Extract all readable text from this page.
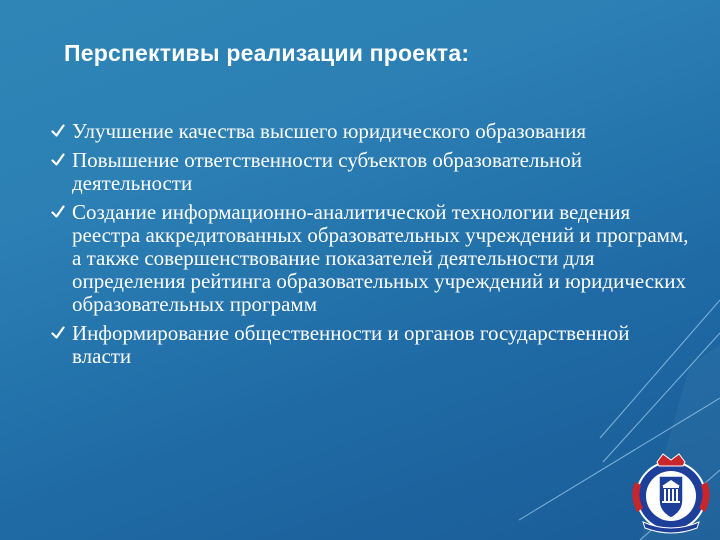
Перспективы реализации проекта:
Улучшение качества высшего юридического образования
Повышение ответственности субъектов образовательной деятельности
Создание информационно-аналитической технологии ведения реестра аккредитованных образовательных учреждений и программ, а также совершенствование показателей деятельности для определения рейтинга образовательных учреждений и юридических образовательных программ
Информирование общественности и органов государственной власти
